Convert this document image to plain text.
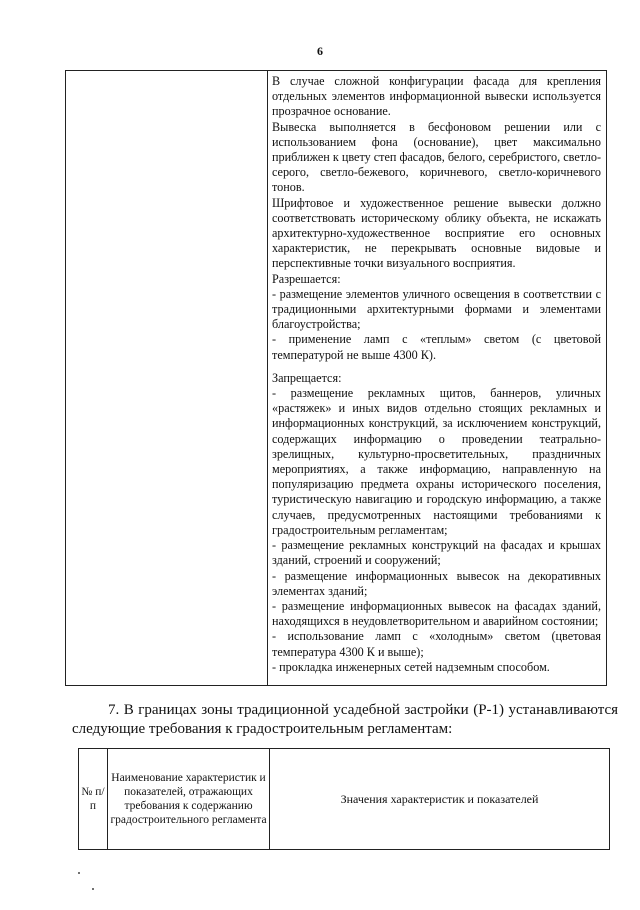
6

В случае сложной конфигурации фасада для крепления отдельных элементов информационной вывески используется прозрачное основание.

Вывеска выполняется в бесфоновом решении или с использованием фона (основание), цвет максимально приближен к цвету степ фасадов, белого, серебристого, светло-серого, светло-бежевого, коричневого, светло-коричневого тонов.

Шрифтовое и художественное решение вывески должно соответствовать историческому облику объекта, не искажать архитектурно-художественное восприятие его основных характеристик, не перекрывать основные видовые и перспективные точки визуального восприятия.

Разрешается:

- размещение элементов уличного освещения в соответствии с традиционными архитектурными формами и элементами благоустройства;

- применение ламп с «теплым» светом (с цветовой температурой не выше 4300 К).

Запрещается:

- размещение рекламных щитов, баннеров, уличных «растяжек» и иных видов отдельно стоящих рекламных и информационных конструкций, за исключением конструкций, содержащих информацию о проведении театрально-зрелищных, культурно-просветительных, праздничных мероприятиях, а также информацию, направленную на популяризацию предмета охраны исторического поселения, туристическую навигацию и городскую информацию, а также случаев, предусмотренных настоящими требованиями к градостроительным регламентам;

- размещение рекламных конструкций на фасадах и крышах зданий, строений и сооружений;

- размещение информационных вывесок на декоративных элементах зданий;

- размещение информационных вывесок на фасадах зданий, находящихся в неудовлетворительном и аварийном состоянии;

- использование ламп с «холодным» светом (цветовая температура 4300 К и выше);

- прокладка инженерных сетей надземным способом.

7. В границах зоны традиционной усадебной застройки (Р-1) устанавливаются следующие требования к градостроительным регламентам:
№ п/п
Наименование характеристик и показателей, отражающих требования к содержанию градостроительного регламента
Значения характеристик и показателей
